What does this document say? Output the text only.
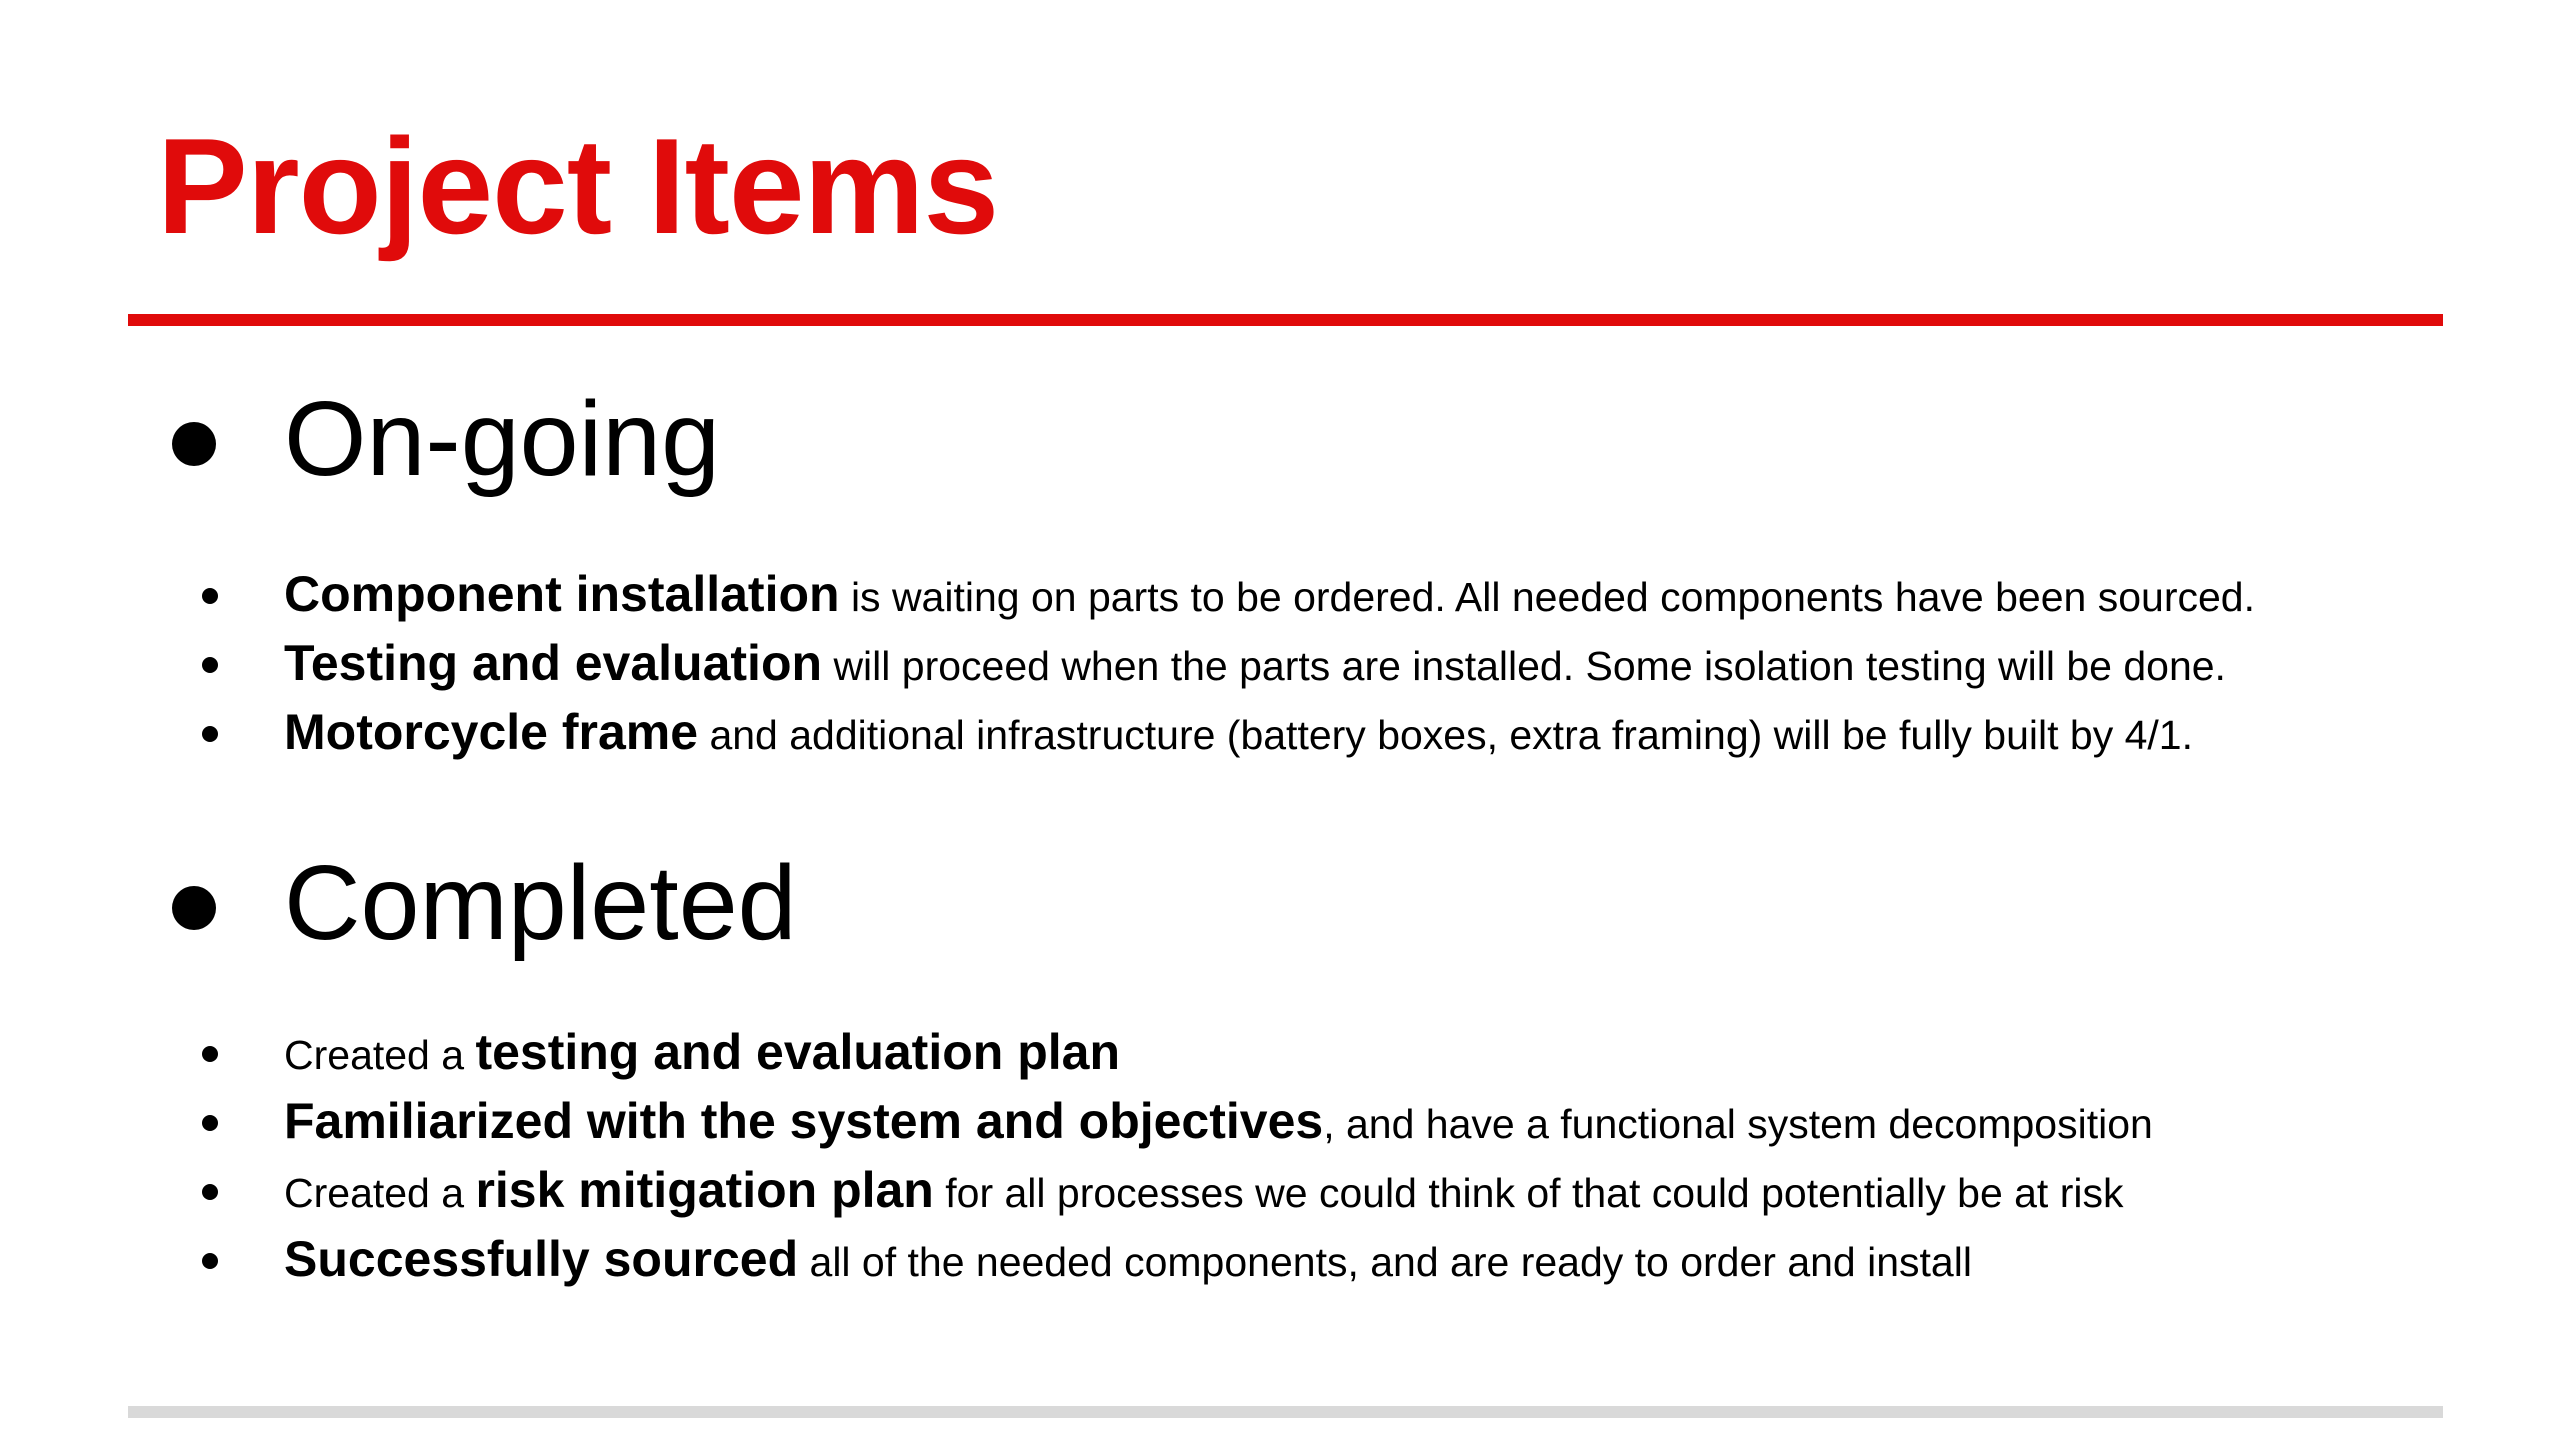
Project Items
On-going
Component installation is waiting on parts to be ordered. All needed components have been sourced.
Testing and evaluation will proceed when the parts are installed. Some isolation testing will be done.
Motorcycle frame and additional infrastructure (battery boxes, extra framing) will be fully built by 4/1.
Completed
Created a testing and evaluation plan
Familiarized with the system and objectives, and have a functional system decomposition
Created a risk mitigation plan for all processes we could think of that could potentially be at risk
Successfully sourced all of the needed components, and are ready to order and install
